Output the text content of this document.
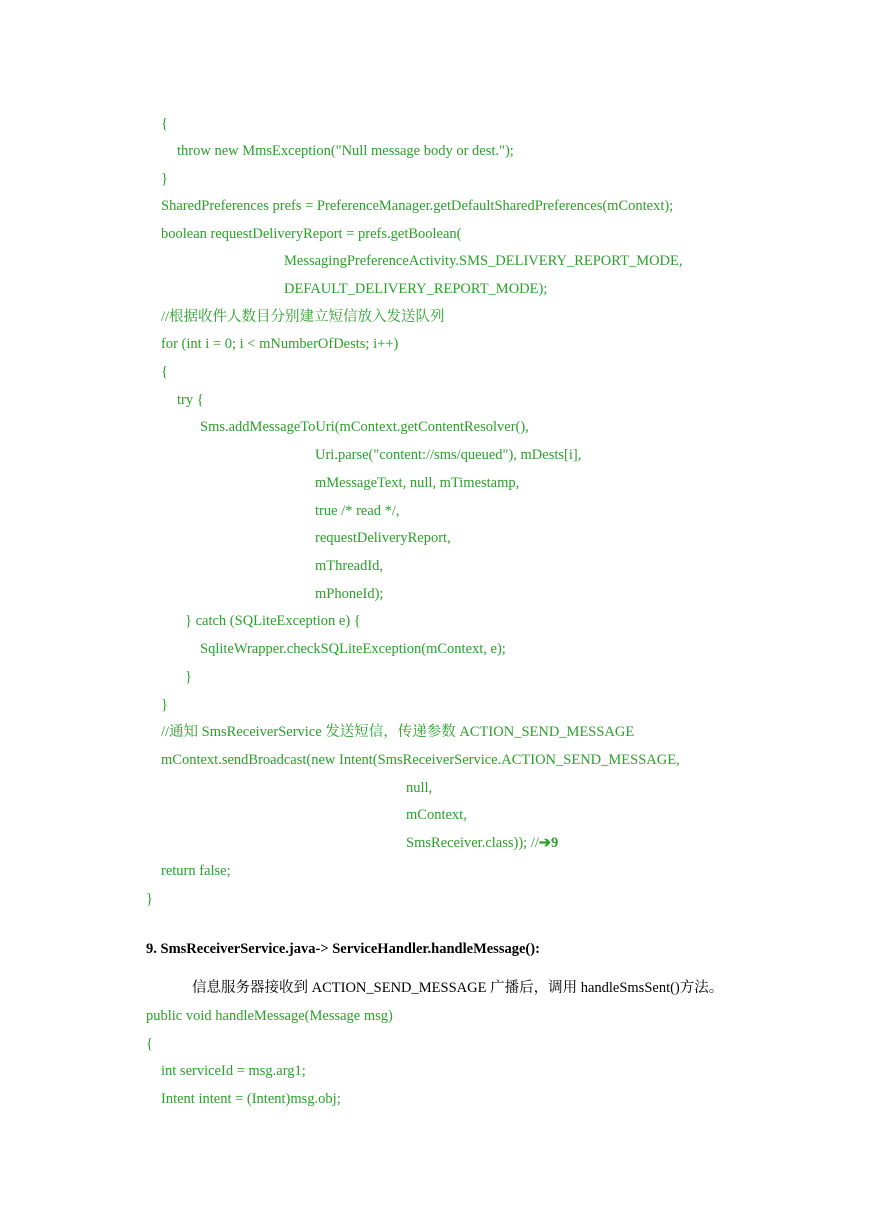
{
throw new MmsException("Null message body or dest.");
}
SharedPreferences prefs = PreferenceManager.getDefaultSharedPreferences(mContext);
boolean requestDeliveryReport = prefs.getBoolean(
MessagingPreferenceActivity.SMS_DELIVERY_REPORT_MODE,
DEFAULT_DELIVERY_REPORT_MODE);
//根据收件人数目分别建立短信放入发送队列
for (int i = 0; i < mNumberOfDests; i++)
{
try {
Sms.addMessageToUri(mContext.getContentResolver(),
Uri.parse("content://sms/queued"), mDests[i],
mMessageText, null, mTimestamp,
true /* read */,
requestDeliveryReport,
mThreadId,
mPhoneId);
} catch (SQLiteException e) {
SqliteWrapper.checkSQLiteException(mContext, e);
}
}
//通知 SmsReceiverService 发送短信，传递参数 ACTION_SEND_MESSAGE
mContext.sendBroadcast(new Intent(SmsReceiverService.ACTION_SEND_MESSAGE,
null,
mContext,
SmsReceiver.class)); //➔9
return false;
}
9. SmsReceiverService.java-> ServiceHandler.handleMessage():
信息服务器接收到 ACTION_SEND_MESSAGE 广播后，调用 handleSmsSent()方法。
public void handleMessage(Message msg)
{
int serviceId = msg.arg1;
Intent intent = (Intent)msg.obj;
